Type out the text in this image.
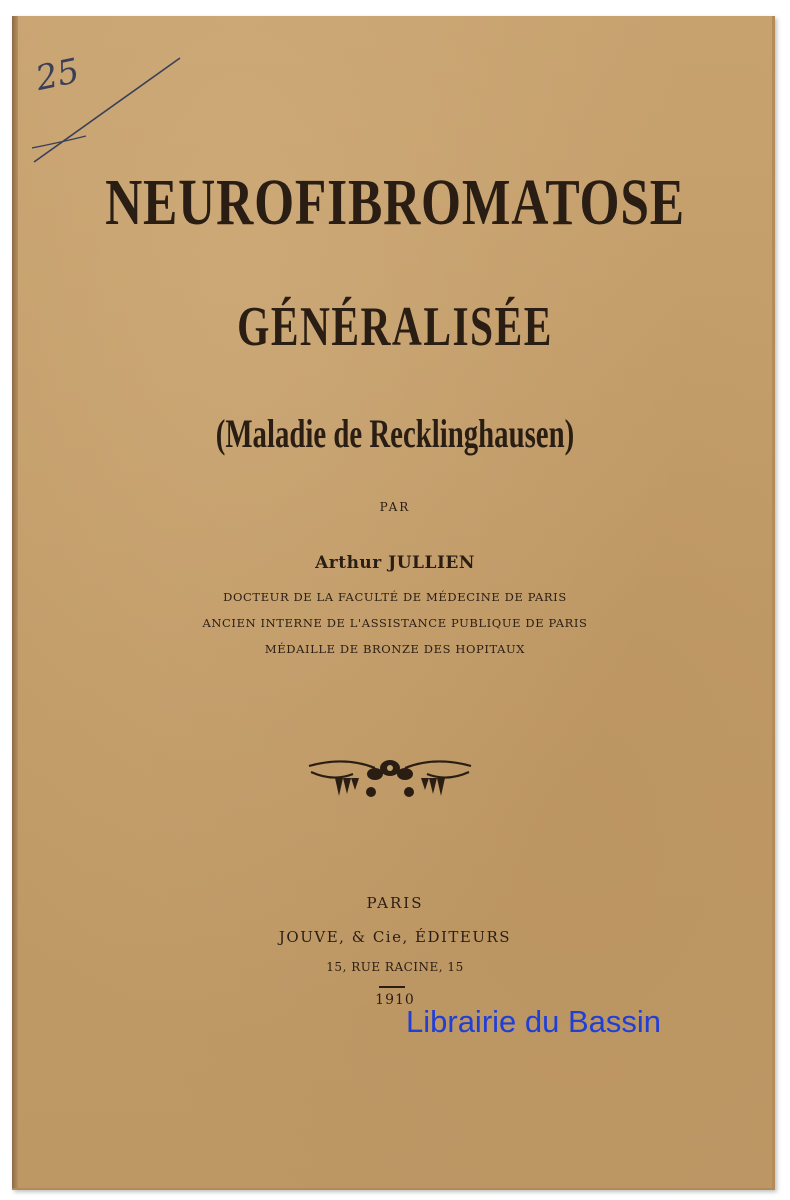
25
NEUROFIBROMATOSE
GÉNÉRALISÉE
(Maladie de Recklinghausen)
PAR
Arthur JULLIEN
DOCTEUR DE LA FACULTÉ DE MÉDECINE DE PARIS
ANCIEN INTERNE DE L'ASSISTANCE PUBLIQUE DE PARIS
MÉDAILLE DE BRONZE DES HOPITAUX
PARIS
JOUVE, & Cie, ÉDITEURS
15, RUE RACINE, 15
1910
Librairie du Bassin
